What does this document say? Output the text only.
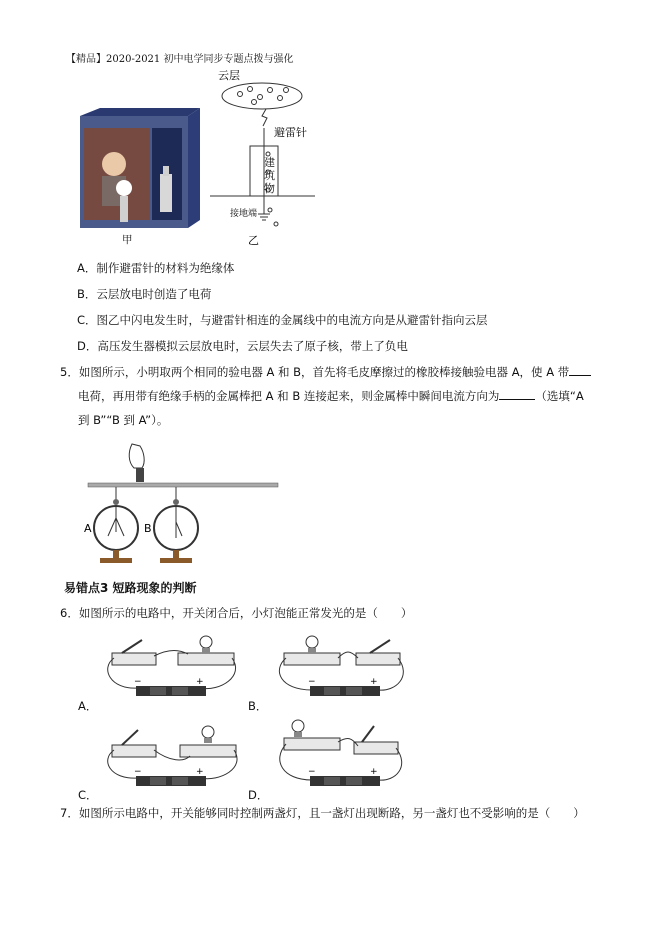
【精品】2020-2021 初中电学同步专题点拨与强化
甲
云层
避雷针
接地端
乙
建筑物
A．制作避雷针的材料为绝缘体
B．云层放电时创造了电荷
C．图乙中闪电发生时，与避雷针相连的金属线中的电流方向是从避雷针指向云层
D．高压发生器模拟云层放电时，云层失去了原子核，带上了负电
5．如图所示，小明取两个相同的验电器 A 和 B，首先将毛皮摩擦过的橡胶棒接触验电器 A，使 A 带
电荷，再用带有绝缘手柄的金属棒把 A 和 B 连接起来，则金属棒中瞬间电流方向为	（选填“A
到 B”“B 到 A”）。
A	B
易错点3 短路现象的判断
6．如图所示的电路中，开关闭合后，小灯泡能正常发光的是（　　）
−	+
A．
−	+
B．
−	+
C．
−	+
D．
7．如图所示电路中，开关能够同时控制两盏灯，且一盏灯出现断路，另一盏灯也不受影响的是（　　）
